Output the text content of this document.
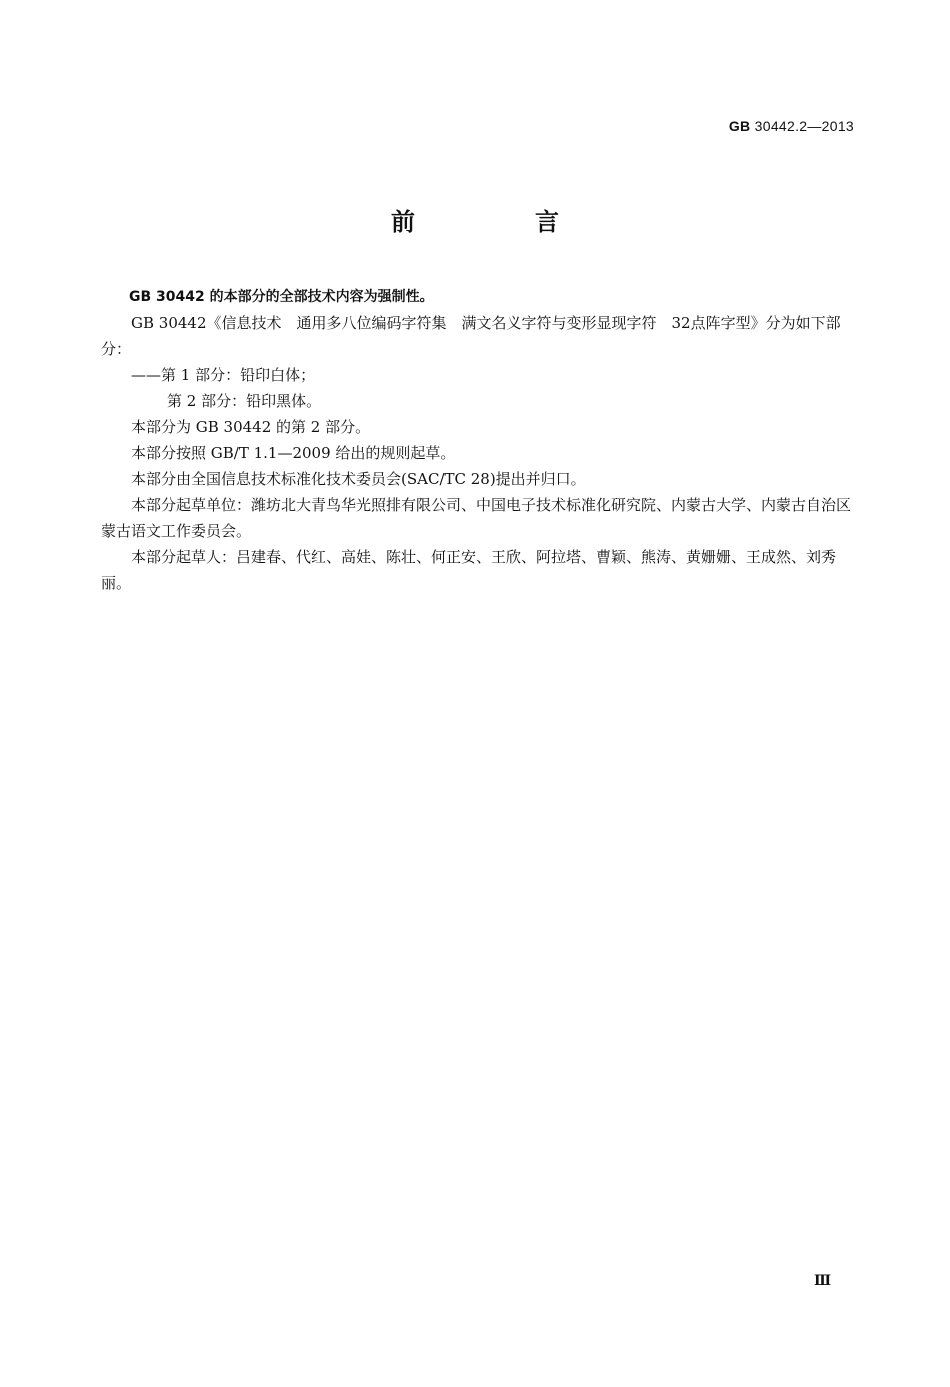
GB 30442.2—2013
前　言

GB 30442 的本部分的全部技术内容为强制性。

GB 30442《信息技术　通用多八位编码字符集　满文名义字符与变形显现字符　32点阵字型》分为如下部分：

——第 1 部分：铅印白体；

第 2 部分：铅印黑体。

本部分为 GB 30442 的第 2 部分。

本部分按照 GB/T 1.1—2009 给出的规则起草。

本部分由全国信息技术标准化技术委员会(SAC/TC 28)提出并归口。

本部分起草单位：潍坊北大青鸟华光照排有限公司、中国电子技术标准化研究院、内蒙古大学、内蒙古自治区蒙古语文工作委员会。

本部分起草人：吕建春、代红、高娃、陈壮、何正安、王欣、阿拉塔、曹颖、熊涛、黄姗姗、王成然、刘秀丽。

Ⅲ
